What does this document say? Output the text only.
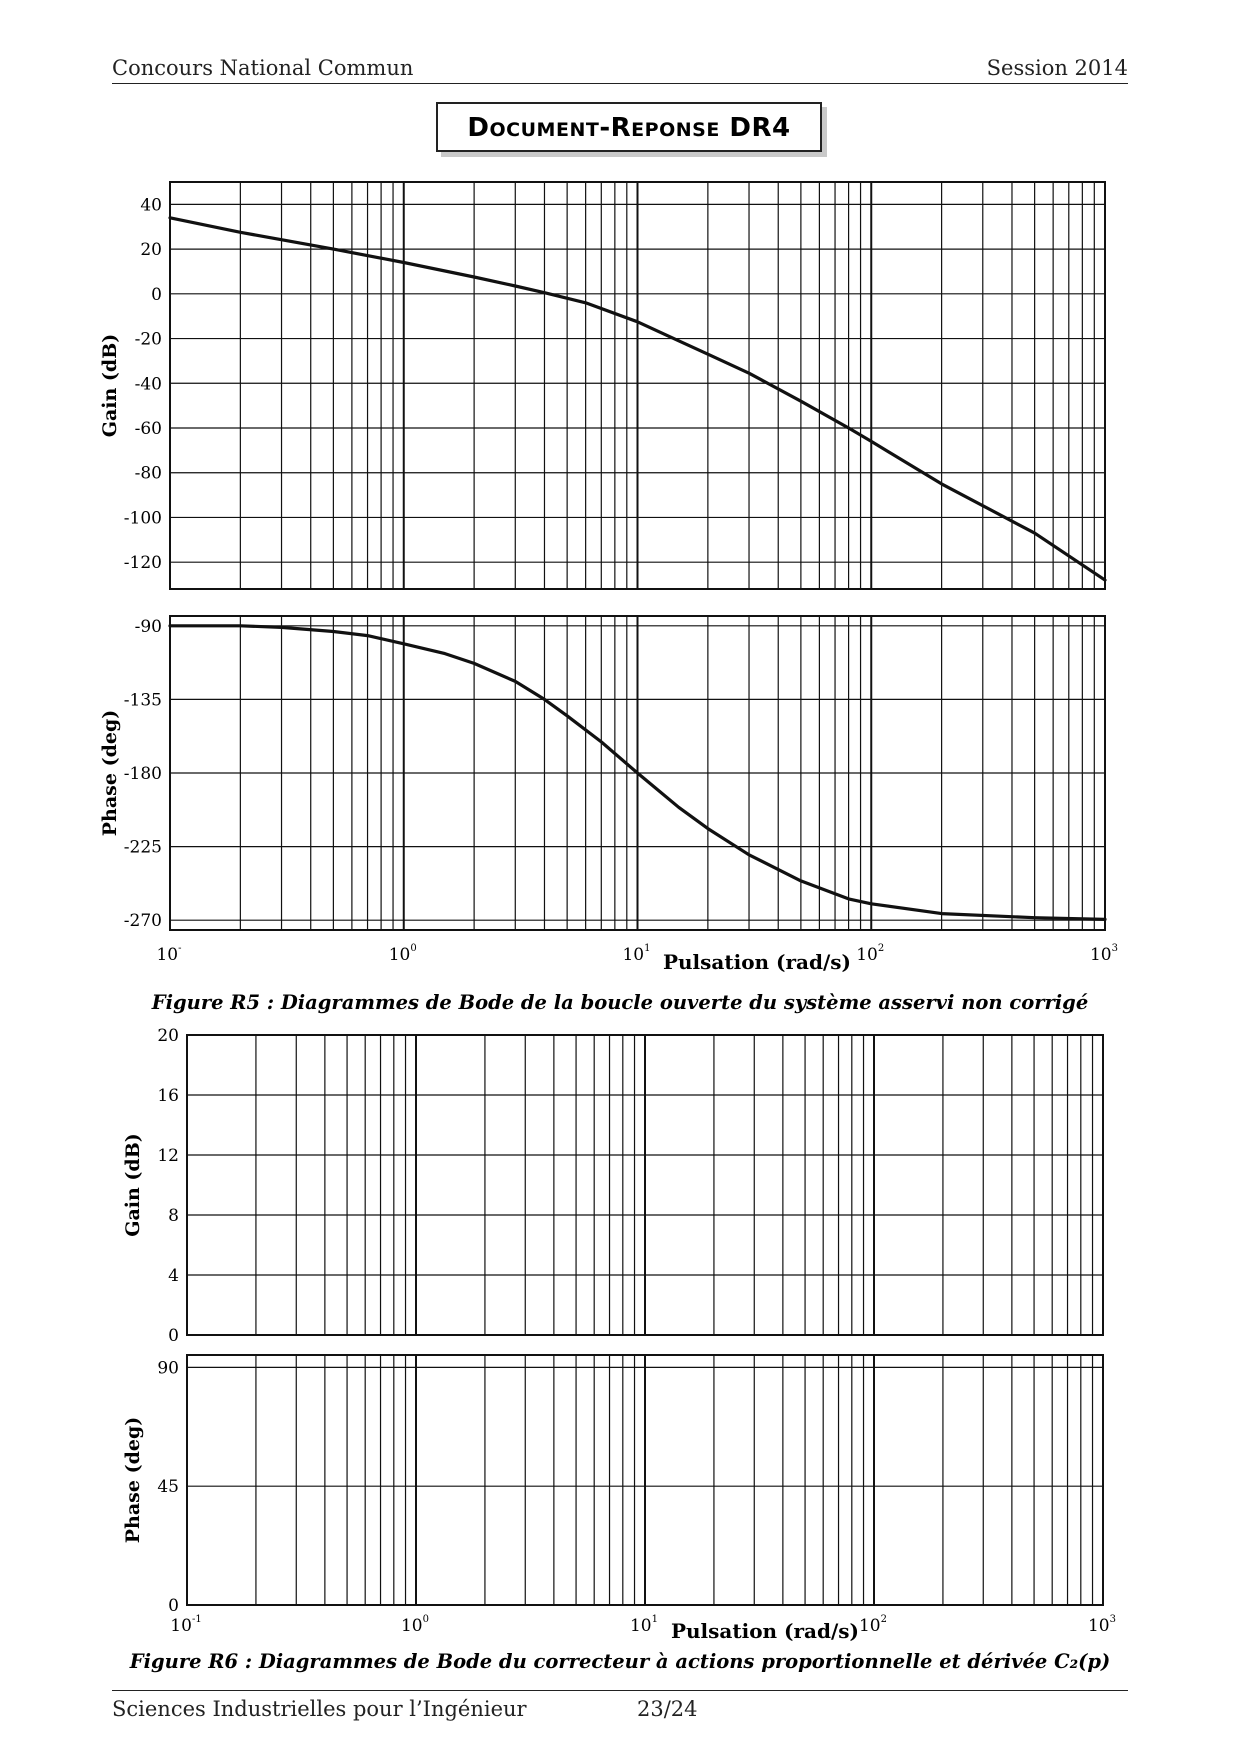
Concours National Commun	Session 2014
DOCUMENT-REPONSE DR4
40
20
0
-20
-40
-60
-80
-100
-120
Gain (dB)
-90
-135
-180
-225
-270
Phase (deg)
10-	$10^0$	$10^1$	$10^2$	$10^3$
Pulsation (rad/s)
Figure R5 : Diagrammes de Bode de la boucle ouverte du système asservi non corrigé
20
16
12
8
4
0
Gain (dB)
90
45
0
Phase (deg)
$10^{-1}$	$10^0$	$10^1$	$10^2$	$10^3$
Pulsation (rad/s)
Figure R6 : Diagrammes de Bode du correcteur à actions proportionnelle et dérivée C₂(p)
Sciences Industrielles pour l’Ingénieur	23/24
